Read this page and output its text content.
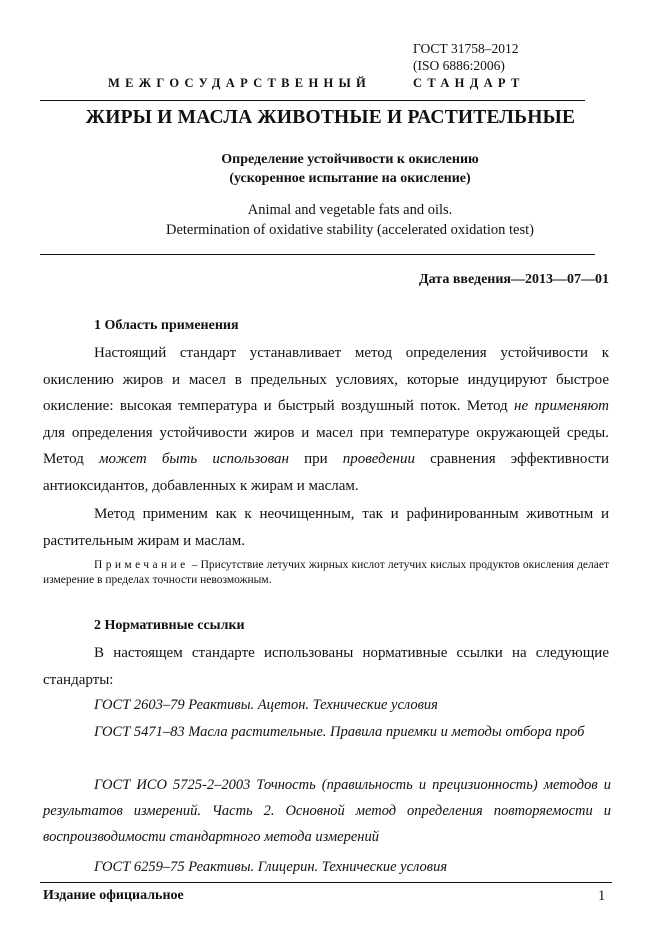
ГОСТ 31758–2012
(ISO 6886:2006)
МЕЖГОСУДАРСТВЕННЫЙ	СТАНДАРТ
ЖИРЫ И МАСЛА ЖИВОТНЫЕ И РАСТИТЕЛЬНЫЕ
Определение устойчивости к окислению
(ускоренное испытание на окисление)
Animal and vegetable fats and oils.
Determination of oxidative stability (accelerated oxidation test)
Дата введения—2013—07—01
1 Область применения
Настоящий стандарт устанавливает метод определения устойчивости к окислению жиров и масел в предельных условиях, которые индуцируют быстрое окисление: высокая температура и быстрый воздушный поток. Метод не применяют для определения устойчивости жиров и масел при температуре окружающей среды. Метод может быть использован при проведении сравнения эффективности антиоксидантов, добавленных к жирам и маслам.
Метод применим как к неочищенным, так и рафинированным животным и растительным жирам и маслам.
Примечание – Присутствие летучих жирных кислот летучих кислых продуктов окисления делает измерение в пределах точности невозможным.
2 Нормативные ссылки
В настоящем стандарте использованы нормативные ссылки на следующие стандарты:
ГОСТ 2603–79 Реактивы. Ацетон. Технические условия
ГОСТ 5471–83 Масла растительные. Правила приемки и методы отбора проб
ГОСТ ИСО 5725-2–2003 Точность (правильность и прецизионность) методов и результатов измерений. Часть 2. Основной метод определения повторяемости и воспроизводимости стандартного метода измерений
ГОСТ 6259–75 Реактивы. Глицерин. Технические условия
Издание официальное	1
